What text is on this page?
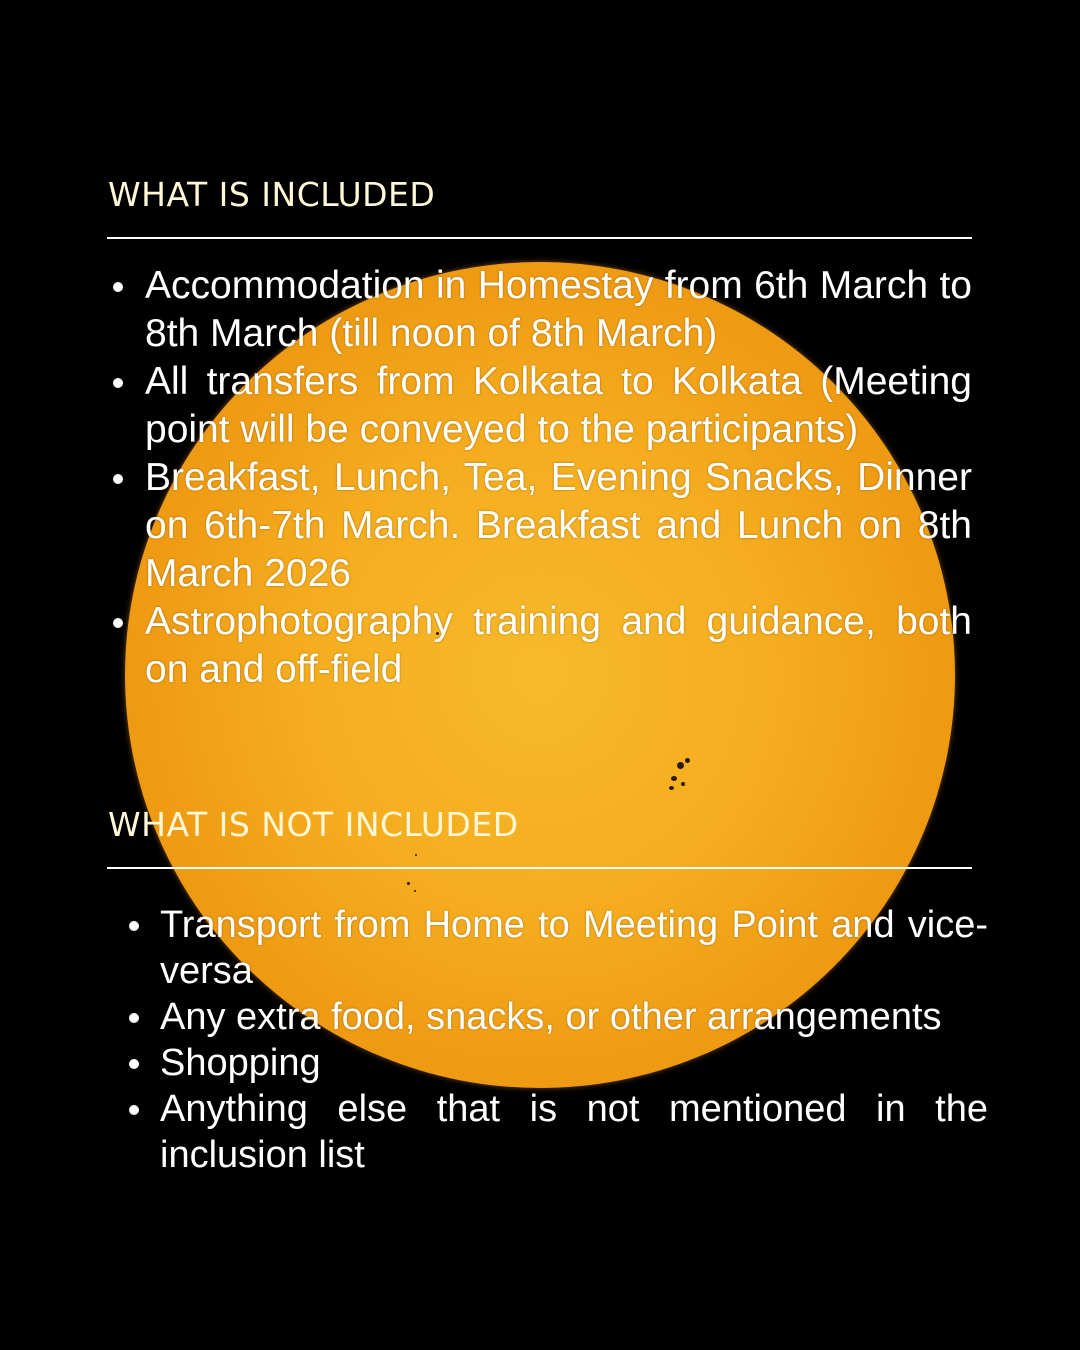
WHAT IS INCLUDED
Accommodation in Homestay from 6th March to 8th March (till noon of 8th March)
All transfers from Kolkata to Kolkata (Meeting point will be conveyed to the participants)
Breakfast, Lunch, Tea, Evening Snacks, Dinner on 6th-7th March. Breakfast and Lunch on 8th March 2026
Astrophotography training and guidance, both on and off-field
WHAT IS NOT INCLUDED
Transport from Home to Meeting Point and vice-versa
Any extra food, snacks, or other arrangements
Shopping
Anything else that is not mentioned in the inclusion list
